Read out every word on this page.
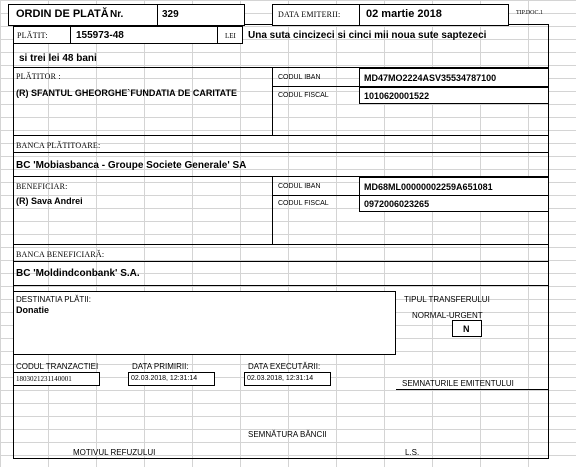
ORDIN DE PLATĂ Nr.	329	DATA EMITERII: 02 martie 2018	TIP.DOC.1
PLĂTIT:	155973-48	LEI Una suta cincizeci si cinci mii noua sute saptezeci
si trei lei 48 bani
PLĂTITOR :
(R) SFANTUL GHEORGHE`FUNDATIA DE CARITATE
CODUL IBAN	MD47MO2224ASV35534787100
CODUL FISCAL	1010620001522
BANCA PLĂTITOARE:
BC 'Mobiasbanca - Groupe Societe Generale' SA
BENEFICIAR:
(R) Sava Andrei
CODUL IBAN	MD68ML00000002259A651081
CODUL FISCAL	0972006023265
BANCA BENEFICIARĂ:
BC 'Moldindconbank' S.A.
DESTINATIA PLĂTII:
Donatie
TIPUL TRANSFERULUI
NORMAL-URGENT
N
CODUL TRANZACTIEI
1803021231140001
DATA PRIMIRII:
02.03.2018, 12:31:14
DATA EXECUTĂRII:
02.03.2018, 12:31:14
SEMNATURILE EMITENTULUI
SEMNĂTURA BĂNCII
MOTIVUL REFUZULUI	L.S.
